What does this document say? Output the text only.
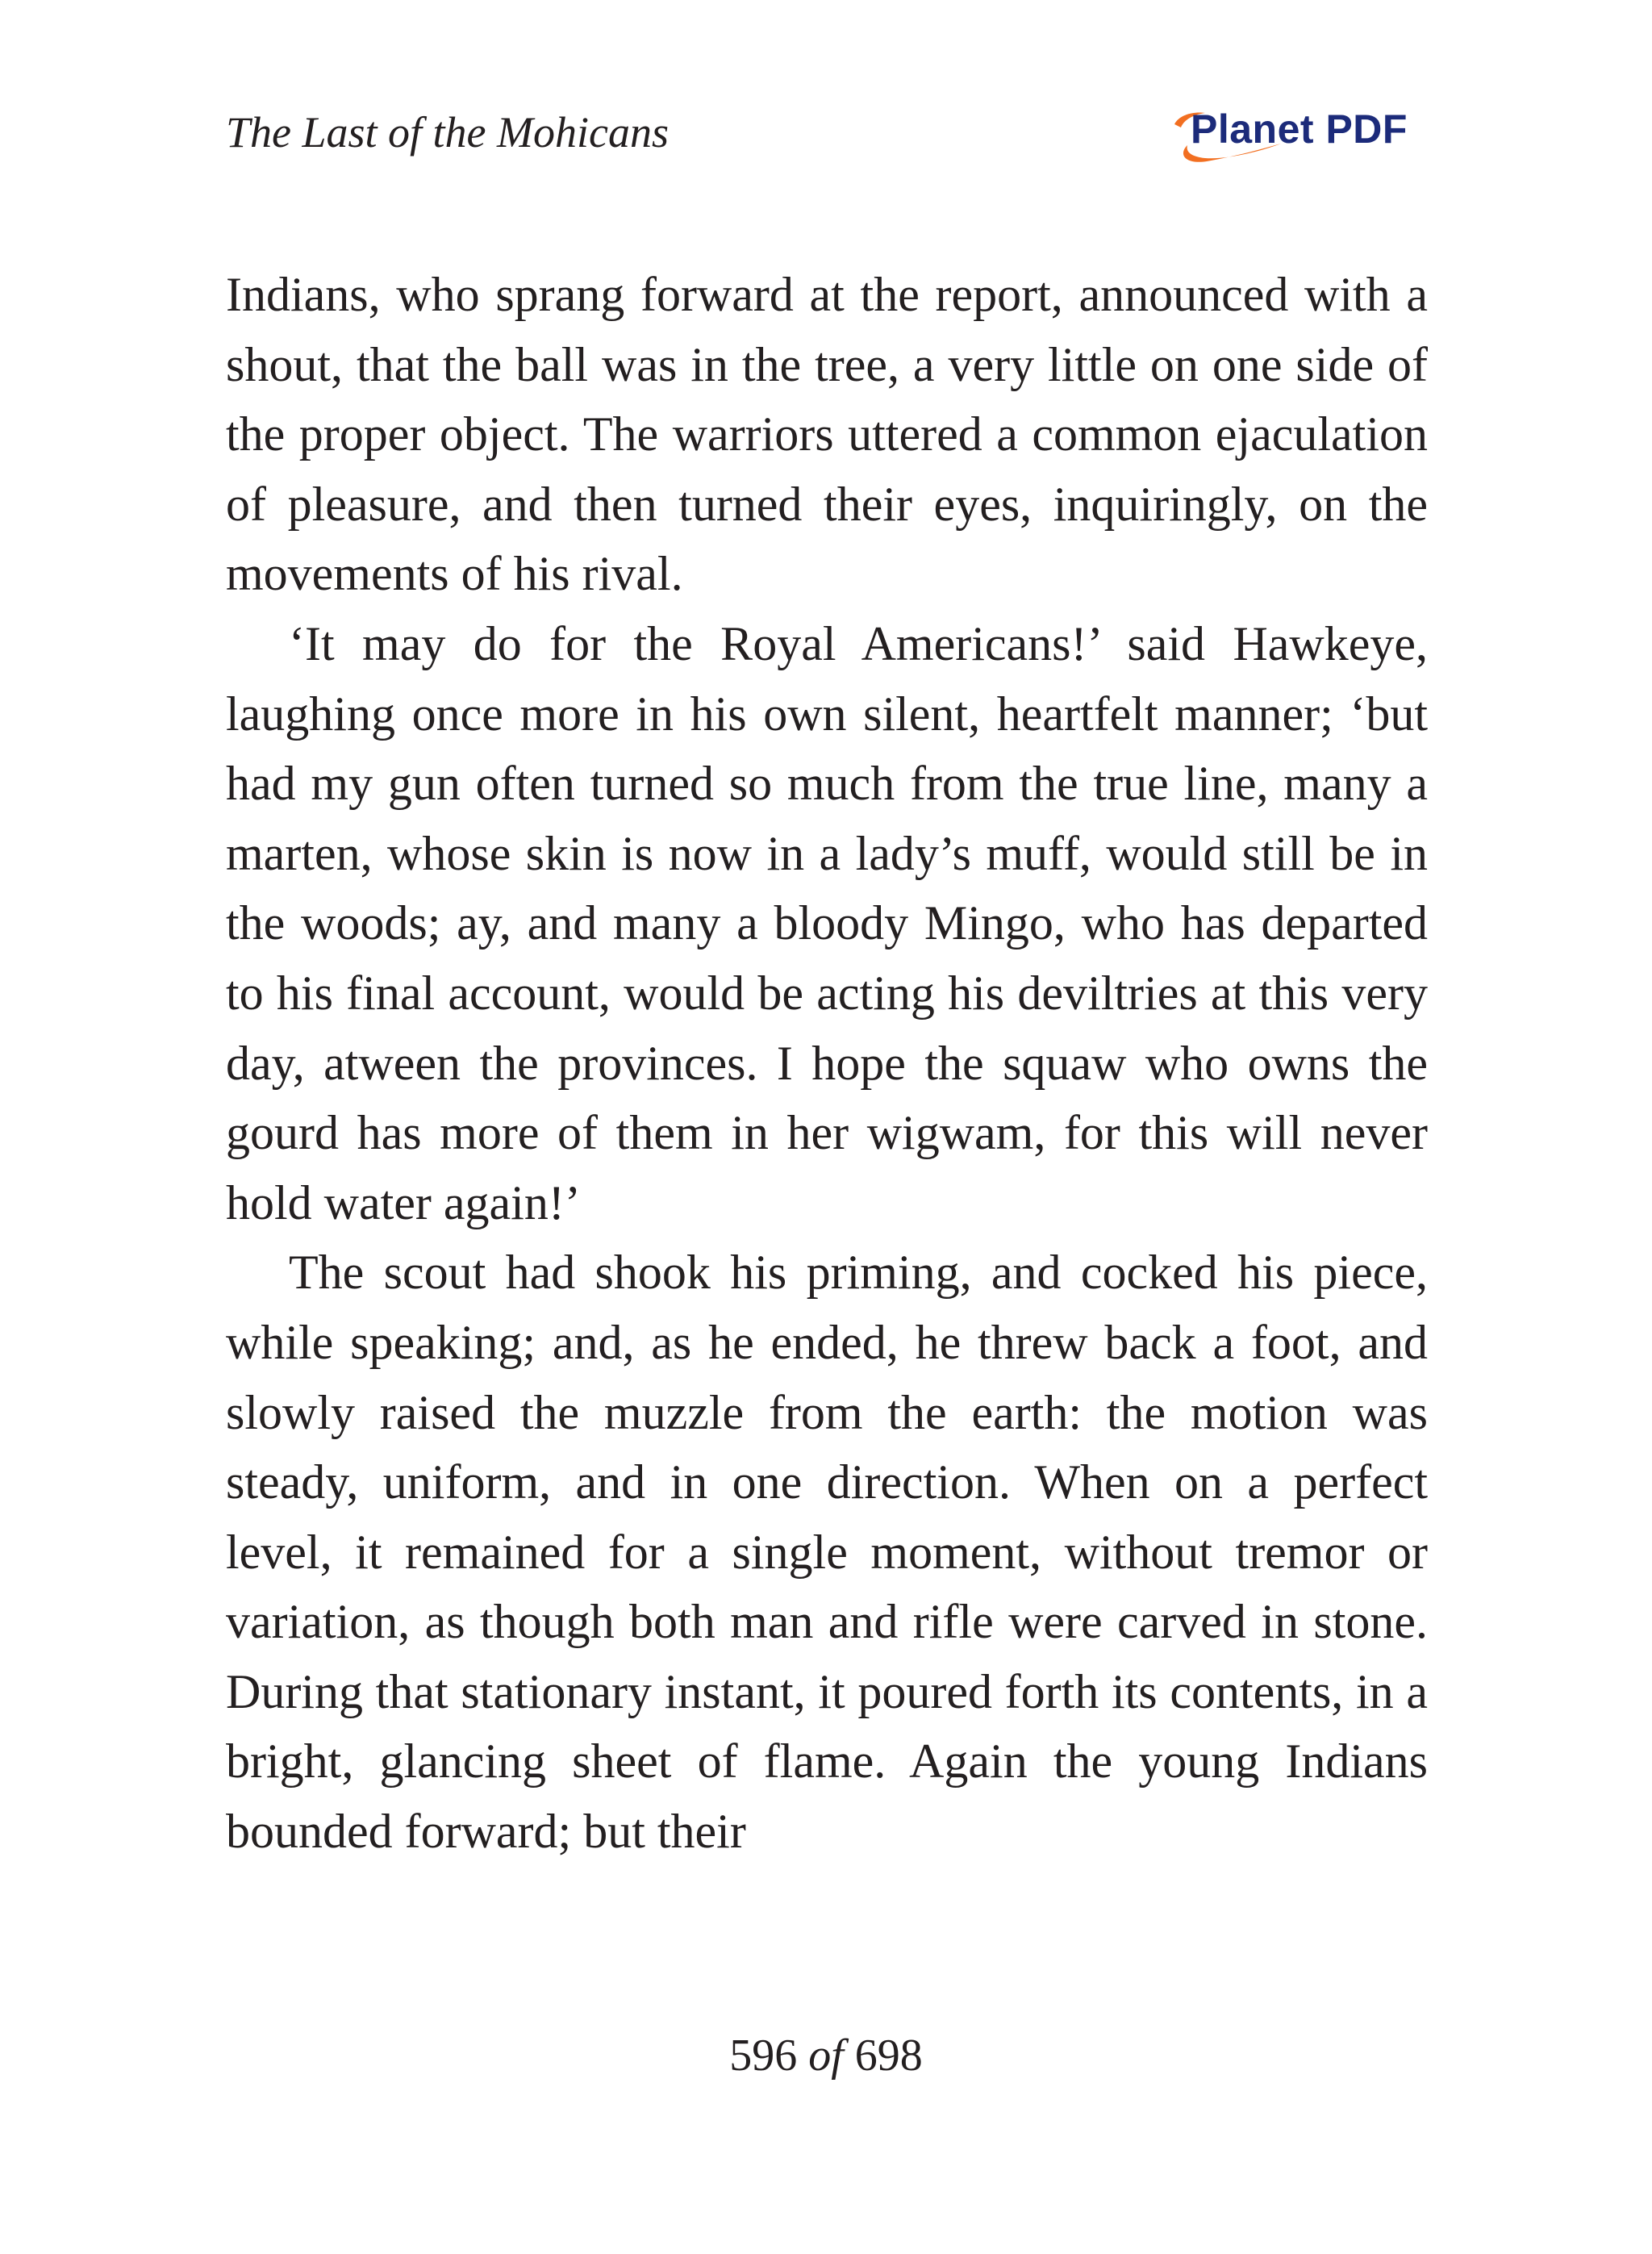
The Last of the Mohicans	Planet PDF

Indians, who sprang forward at the report, announced with a shout, that the ball was in the tree, a very little on one side of the proper object. The warriors uttered a common ejaculation of pleasure, and then turned their eyes, inquiringly, on the movements of his rival.

‘It may do for the Royal Americans!’ said Hawkeye, laughing once more in his own silent, heartfelt manner; ‘but had my gun often turned so much from the true line, many a marten, whose skin is now in a lady’s muff, would still be in the woods; ay, and many a bloody Mingo, who has departed to his final account, would be acting his deviltries at this very day, atween the provinces. I hope the squaw who owns the gourd has more of them in her wigwam, for this will never hold water again!’

The scout had shook his priming, and cocked his piece, while speaking; and, as he ended, he threw back a foot, and slowly raised the muzzle from the earth: the motion was steady, uniform, and in one direction. When on a perfect level, it remained for a single moment, without tremor or variation, as though both man and rifle were carved in stone. During that stationary instant, it poured forth its contents, in a bright, glancing sheet of flame. Again the young Indians bounded forward; but their

596 of 698
